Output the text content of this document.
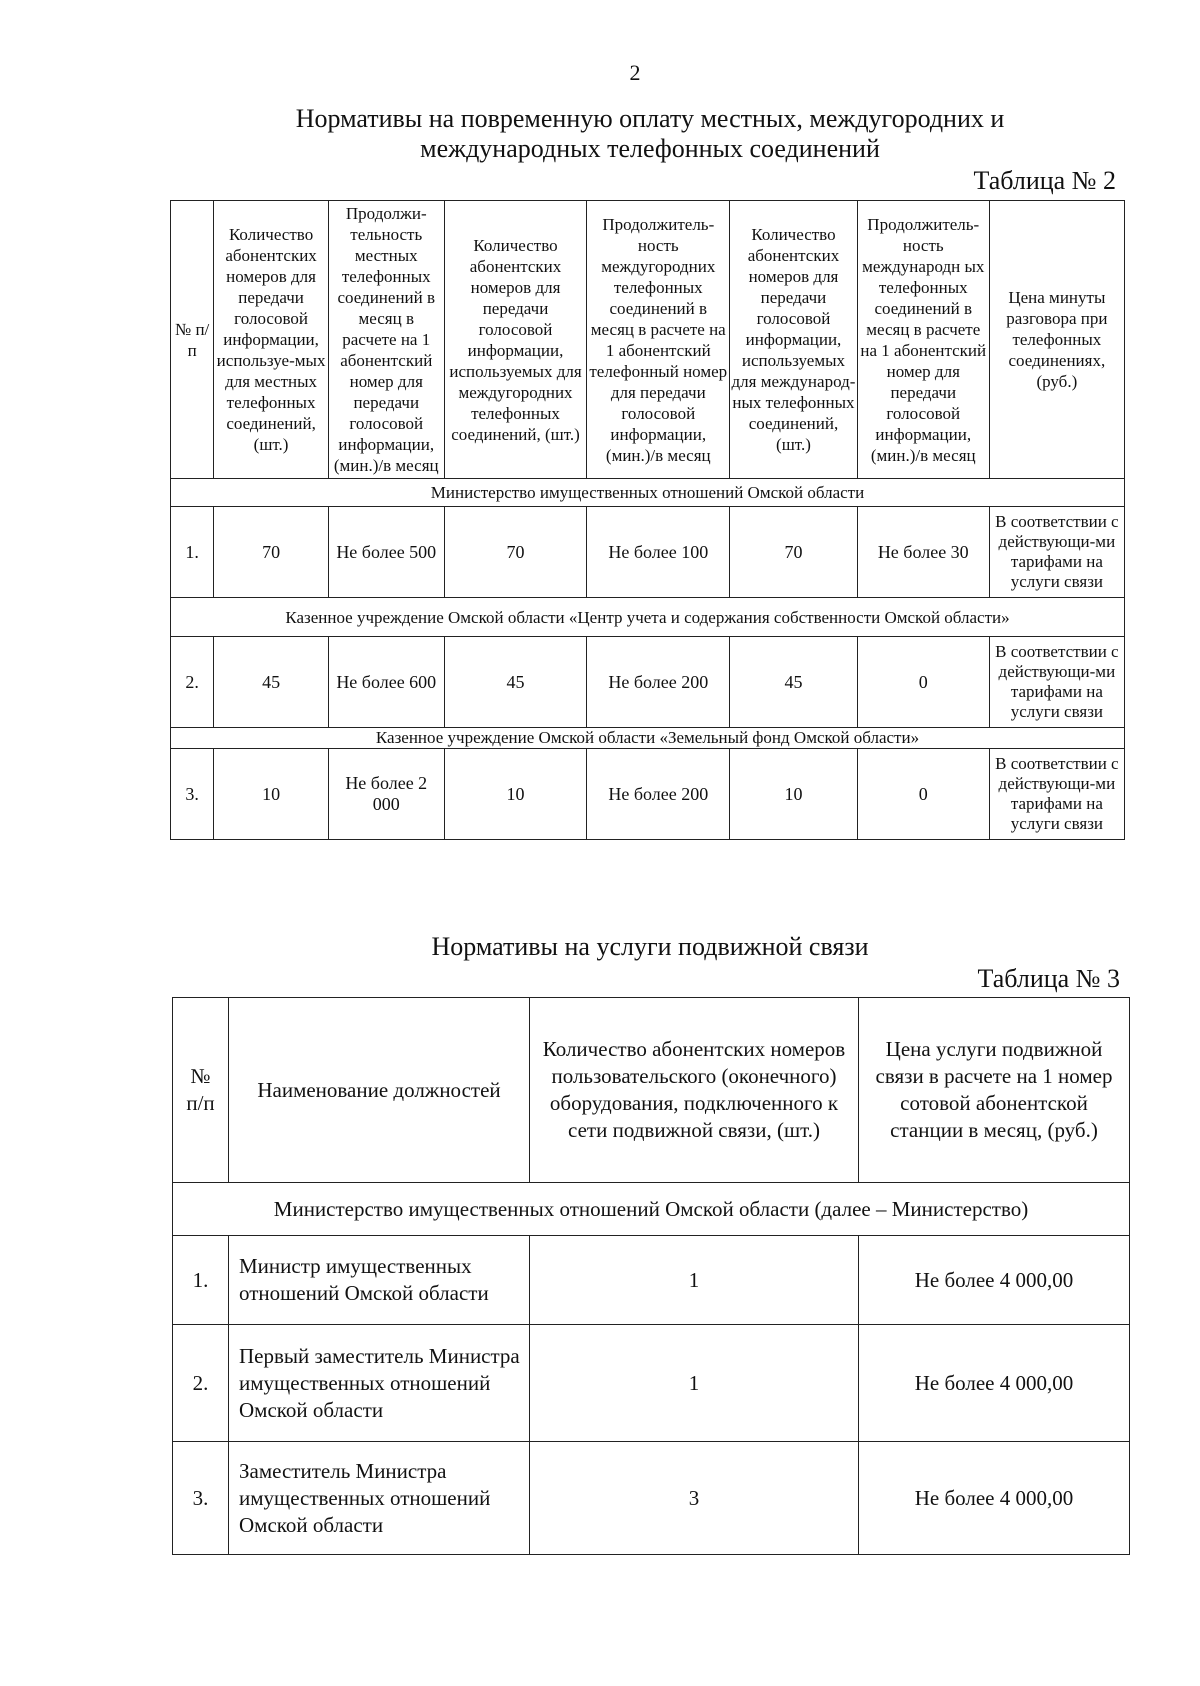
2
Нормативы на повременную оплату местных, междугородних и
международных телефонных соединений
Таблица № 2
№ п/п	Количество абонентских номеров для передачи голосовой информации, используе-мых для местных телефонных соединений, (шт.)	Продолжи-тельность местных телефонных соединений в месяц в расчете на 1 абонентский номер для передачи голосовой информации, (мин.)/в месяц	Количество абонентских номеров для передачи голосовой информации, используемых для междугородних телефонных соединений, (шт.)	Продолжитель-ность междугородних телефонных соединений в месяц в расчете на 1 абонентский телефонный номер для передачи голосовой информации, (мин.)/в месяц	Количество абонентских номеров для передачи голосовой информации, используемых для международ-ных телефонных соединений, (шт.)	Продолжитель-ность международн ых телефонных соединений в месяц в расчете на 1 абонентский номер для передачи голосовой информации, (мин.)/в месяц	Цена минуты разговора при телефонных соединениях, (руб.)
Министерство имущественных отношений Омской области							
1.	70	Не более 500	70	Не более 100	70	Не более 30	В соответствии с действующи-ми тарифами на услуги связи
Казенное учреждение Омской области «Центр учета и содержания собственности Омской области»							
2.	45	Не более 600	45	Не более 200	45	0	В соответствии с действующи-ми тарифами на услуги связи
Казенное учреждение Омской области «Земельный фонд Омской области»							
3.	10	Не более 2 000	10	Не более 200	10	0	В соответствии с действующи-ми тарифами на услуги связи
Нормативы на услуги подвижной связи
Таблица № 3
№ п/п	Наименование должностей	Количество абонентских номеров пользовательского (оконечного) оборудования, подключенного к сети подвижной связи, (шт.)	Цена услуги подвижной связи в расчете на 1 номер сотовой абонентской станции в месяц, (руб.)
Министерство имущественных отношений Омской области (далее – Министерство)			
1.	Министр имущественных отношений Омской области	1	Не более 4 000,00
2.	Первый заместитель Министра имущественных отношений Омской области	1	Не более 4 000,00
3.	Заместитель Министра имущественных отношений Омской области	3	Не более 4 000,00
